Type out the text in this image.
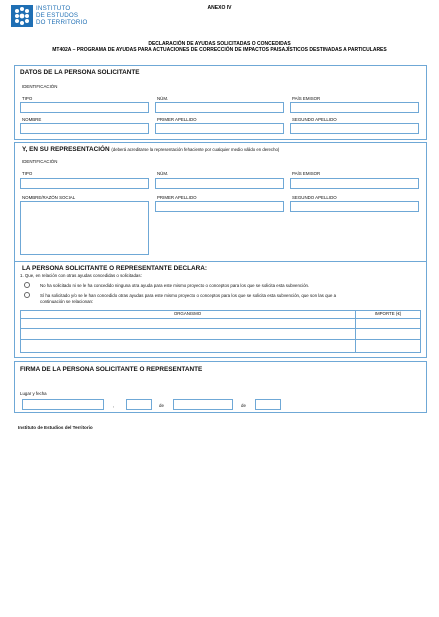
INSTITUTO
DE ESTUDOS
DO TERRITORIO
ANEXO IV
DECLARACIÓN DE AYUDAS SOLICITADAS O CONCEDIDAS
MT402A – PROGRAMA DE AYUDAS PARA ACTUACIONES DE CORRECCIÓN DE IMPACTOS PAISAJÍSTICOS DESTINADAS A PARTICULARES
DATOS DE LA PERSONA SOLICITANTE
IDENTIFICACIÓN
TIPO	NÚM.	PAÍS EMISOR
NOMBRE	PRIMER APELLIDO	SEGUNDO APELLIDO
Y, EN SU REPRESENTACIÓN (deberá acreditarse la representación fehaciente por cualquier medio válido en derecho)
IDENTIFICACIÓN
TIPO	NÚM.	PAÍS EMISOR
NOMBRE/RAZÓN SOCIAL	PRIMER APELLIDO	SEGUNDO APELLIDO
LA PERSONA SOLICITANTE O REPRESENTANTE DECLARA:
1. Que, en relación con otras ayudas concedidas o solicitadas:
No ha solicitado ni se le ha concedido ninguna otra ayuda para este mismo proyecto o conceptos para los que se solicita esta subvención.
Sí ha solicitado y/o se le han concedido otras ayudas para este mismo proyecto o conceptos para los que se solicita esta subvención, que son las que a
continuación se relacionan:
ORGANISMO	IMPORTE (€)
FIRMA DE LA PERSONA SOLICITANTE O REPRESENTANTE
Lugar y fecha
,	de	de
Instituto de Estudios del Territorio
